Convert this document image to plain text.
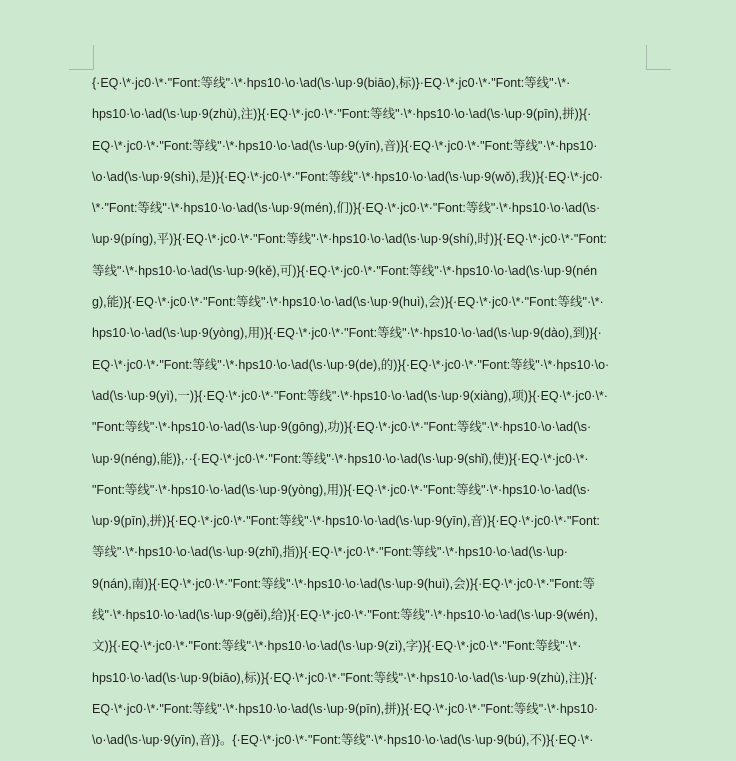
{·EQ·\*·jc0·\*·"Font:等线"·\*·hps10·\o·\ad(\s·\up·9(biāo),标)}·EQ·\*·jc0·\*·"Font:等线"·\*·
hps10·\o·\ad(\s·\up·9(zhù),注)}{·EQ·\*·jc0·\*·"Font:等线"·\*·hps10·\o·\ad(\s·\up·9(pīn),拼)}{·
EQ·\*·jc0·\*·"Font:等线"·\*·hps10·\o·\ad(\s·\up·9(yīn),音)}{·EQ·\*·jc0·\*·"Font:等线"·\*·hps10·
\o·\ad(\s·\up·9(shì),是)}{·EQ·\*·jc0·\*·"Font:等线"·\*·hps10·\o·\ad(\s·\up·9(wǒ),我)}{·EQ·\*·jc0·
\*·"Font:等线"·\*·hps10·\o·\ad(\s·\up·9(mén),们)}{·EQ·\*·jc0·\*·"Font:等线"·\*·hps10·\o·\ad(\s·
\up·9(píng),平)}{·EQ·\*·jc0·\*·"Font:等线"·\*·hps10·\o·\ad(\s·\up·9(shí),时)}{·EQ·\*·jc0·\*·"Font:
等线"·\*·hps10·\o·\ad(\s·\up·9(kě),可)}{·EQ·\*·jc0·\*·"Font:等线"·\*·hps10·\o·\ad(\s·\up·9(nén
g),能)}{·EQ·\*·jc0·\*·"Font:等线"·\*·hps10·\o·\ad(\s·\up·9(huì),会)}{·EQ·\*·jc0·\*·"Font:等线"·\*·
hps10·\o·\ad(\s·\up·9(yòng),用)}{·EQ·\*·jc0·\*·"Font:等线"·\*·hps10·\o·\ad(\s·\up·9(dào),到)}{·
EQ·\*·jc0·\*·"Font:等线"·\*·hps10·\o·\ad(\s·\up·9(de),的)}{·EQ·\*·jc0·\*·"Font:等线"·\*·hps10·\o·
\ad(\s·\up·9(yì),一)}{·EQ·\*·jc0·\*·"Font:等线"·\*·hps10·\o·\ad(\s·\up·9(xiàng),项)}{·EQ·\*·jc0·\*·
"Font:等线"·\*·hps10·\o·\ad(\s·\up·9(gōng),功)}{·EQ·\*·jc0·\*·"Font:等线"·\*·hps10·\o·\ad(\s·
\up·9(néng),能)},··{·EQ·\*·jc0·\*·"Font:等线"·\*·hps10·\o·\ad(\s·\up·9(shǐ),使)}{·EQ·\*·jc0·\*·
"Font:等线"·\*·hps10·\o·\ad(\s·\up·9(yòng),用)}{·EQ·\*·jc0·\*·"Font:等线"·\*·hps10·\o·\ad(\s·
\up·9(pīn),拼)}{·EQ·\*·jc0·\*·"Font:等线"·\*·hps10·\o·\ad(\s·\up·9(yīn),音)}{·EQ·\*·jc0·\*·"Font:
等线"·\*·hps10·\o·\ad(\s·\up·9(zhǐ),指)}{·EQ·\*·jc0·\*·"Font:等线"·\*·hps10·\o·\ad(\s·\up·
9(nán),南)}{·EQ·\*·jc0·\*·"Font:等线"·\*·hps10·\o·\ad(\s·\up·9(huì),会)}{·EQ·\*·jc0·\*·"Font:等
线"·\*·hps10·\o·\ad(\s·\up·9(gěi),给)}{·EQ·\*·jc0·\*·"Font:等线"·\*·hps10·\o·\ad(\s·\up·9(wén),
文)}{·EQ·\*·jc0·\*·"Font:等线"·\*·hps10·\o·\ad(\s·\up·9(zì),字)}{·EQ·\*·jc0·\*·"Font:等线"·\*·
hps10·\o·\ad(\s·\up·9(biāo),标)}{·EQ·\*·jc0·\*·"Font:等线"·\*·hps10·\o·\ad(\s·\up·9(zhù),注)}{·
EQ·\*·jc0·\*·"Font:等线"·\*·hps10·\o·\ad(\s·\up·9(pīn),拼)}{·EQ·\*·jc0·\*·"Font:等线"·\*·hps10·
\o·\ad(\s·\up·9(yīn),音)}。{·EQ·\*·jc0·\*·"Font:等线"·\*·hps10·\o·\ad(\s·\up·9(bú),不)}{·EQ·\*·
